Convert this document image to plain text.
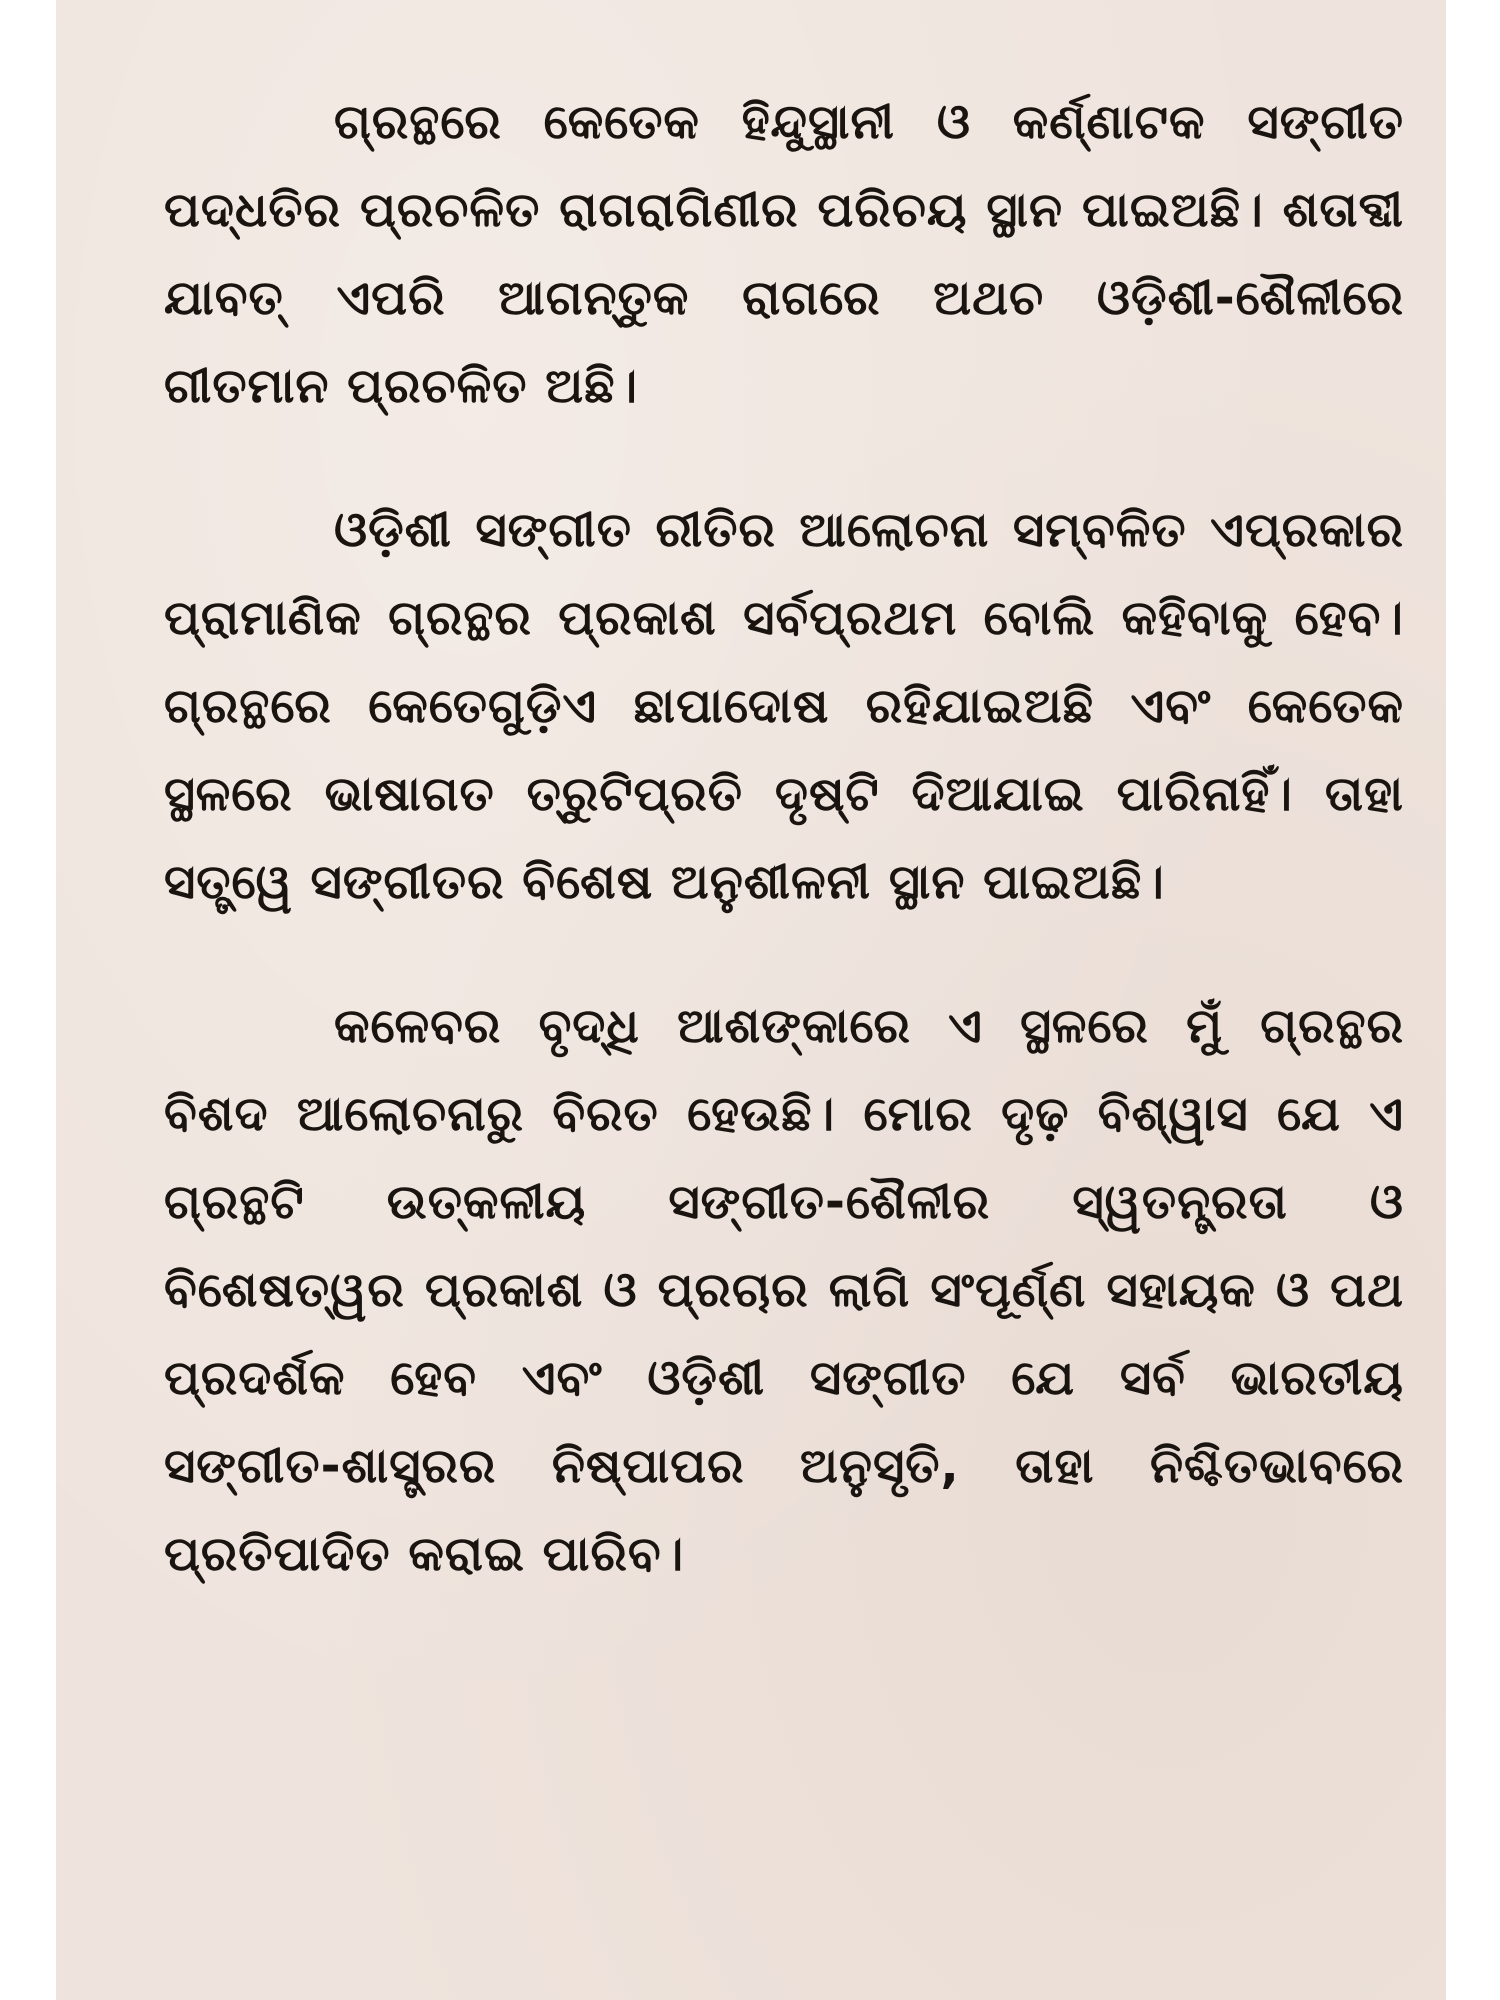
ଗ୍ରନ୍ଥରେ କେତେକ ହିନ୍ଦୁସ୍ଥାନୀ ଓ କର୍ଣ୍ଣାଟକ ସଙ୍ଗୀତ ପଦ୍ଧତିର ପ୍ରଚଳିତ ରାଗରାଗିଣୀର ପରିଚୟ ସ୍ଥାନ ପାଇଅଛି। ଶତାବ୍ଦୀ ଯାବତ୍ ଏପରି ଆଗନ୍ତୁକ ରାଗରେ ଅଥଚ ଓଡ଼ିଶୀ-ଶୈଳୀରେ ଗୀତମାନ ପ୍ରଚଳିତ ଅଛି।

ଓଡ଼ିଶୀ ସଙ୍ଗୀତ ରୀତିର ଆଲୋଚନା ସମ୍ବଳିତ ଏପ୍ରକାର ପ୍ରାମାଣିକ ଗ୍ରନ୍ଥର ପ୍ରକାଶ ସର୍ବପ୍ରଥମ ବୋଲି କହିବାକୁ ହେବ। ଗ୍ରନ୍ଥରେ କେତେଗୁଡ଼ିଏ ଛାପାଦୋଷ ରହିଯାଇଅଛି ଏବଂ କେତେକ ସ୍ଥଳରେ ଭାଷାଗତ ତ୍ରୁଟିପ୍ରତି ଦୃଷ୍ଟି ଦିଆଯାଇ ପାରିନାହିଁ। ତାହା ସତ୍ତ୍ୱେ ସଙ୍ଗୀତର ବିଶେଷ ଅନୁଶୀଳନୀ ସ୍ଥାନ ପାଇଅଛି।

କଳେବର ବୃଦ୍ଧି ଆଶଙ୍କାରେ ଏ ସ୍ଥଳରେ ମୁଁ ଗ୍ରନ୍ଥର ବିଶଦ ଆଲୋଚନାରୁ ବିରତ ହେଉଛି। ମୋର ଦୃଢ଼ ବିଶ୍ୱାସ ଯେ ଏ ଗ୍ରନ୍ଥଟି ଉତ୍କଳୀୟ ସଙ୍ଗୀତ-ଶୈଳୀର ସ୍ୱତନ୍ତ୍ରତା ଓ ବିଶେଷତ୍ୱର ପ୍ରକାଶ ଓ ପ୍ରଚାର ଲାଗି ସଂପୂର୍ଣ୍ଣ ସହାୟକ ଓ ପଥ ପ୍ରଦର୍ଶକ ହେବ ଏବଂ ଓଡ଼ିଶୀ ସଙ୍ଗୀତ ଯେ ସର୍ବ ଭାରତୀୟ ସଙ୍ଗୀତ-ଶାସ୍ତ୍ରର ନିଷ୍ପାପର ଅନୁସୃତି, ତାହା ନିଶ୍ଚିତଭାବରେ ପ୍ରତିପାଦିତ କରାଇ ପାରିବ।
